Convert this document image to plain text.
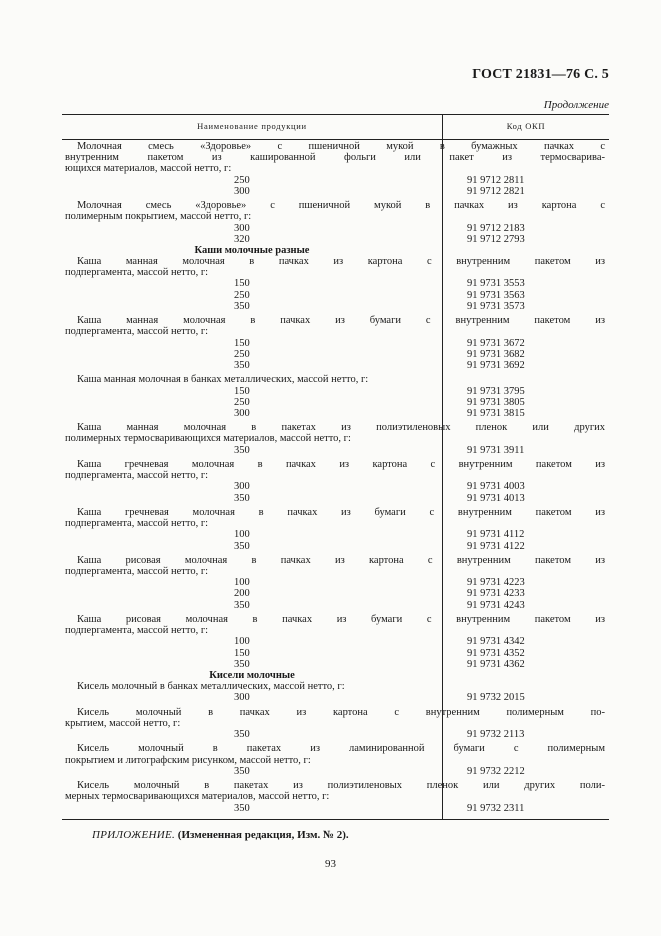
ГОСТ 21831—76 С. 5
Продолжение
Наименование продукции	Код ОКП
Молочная смесь «Здоровье» с пшеничной мукой в бумажных пачках с
внутренним пакетом из кашированной фольги или пакет из термосварива-
ющихся материалов, массой нетто, г:
250	91 9712 2811
300	91 9712 2821
Молочная смесь «Здоровье» с пшеничной мукой в пачках из картона с
полимерным покрытием, массой нетто, г:
300	91 9712 2183
320	91 9712 2793
Каши молочные разные
Каша манная молочная в пачках из картона с внутренним пакетом из
подпергамента, массой нетто, г:
150	91 9731 3553
250	91 9731 3563
350	91 9731 3573
Каша манная молочная в пачках из бумаги с внутренним пакетом из
подпергамента, массой нетто, г:
150	91 9731 3672
250	91 9731 3682
350	91 9731 3692
Каша манная молочная в банках металлических, массой нетто, г:
150	91 9731 3795
250	91 9731 3805
300	91 9731 3815
Каша манная молочная в пакетах из полиэтиленовых пленок или других
полимерных термосваривающихся материалов, массой нетто, г:
350	91 9731 3911
Каша гречневая молочная в пачках из картона с внутренним пакетом из
подпергамента, массой нетто, г:
300	91 9731 4003
350	91 9731 4013
Каша гречневая молочная в пачках из бумаги с внутренним пакетом из
подпергамента, массой нетто, г:
100	91 9731 4112
350	91 9731 4122
Каша рисовая молочная в пачках из картона с внутренним пакетом из
подпергамента, массой нетто, г:
100	91 9731 4223
200	91 9731 4233
350	91 9731 4243
Каша рисовая молочная в пачках из бумаги с внутренним пакетом из
подпергамента, массой нетто, г:
100	91 9731 4342
150	91 9731 4352
350	91 9731 4362
Кисели молочные
Кисель молочный в банках металлических, массой нетто, г:
300	91 9732 2015
Кисель молочный в пачках из картона с внутренним полимерным по-
крытием, массой нетто, г:
350	91 9732 2113
Кисель молочный в пакетах из ламинированной бумаги с полимерным
покрытием и литографским рисунком, массой нетто, г:
350	91 9732 2212
Кисель молочный в пакетах из полиэтиленовых пленок или других поли-
мерных термосваривающихся материалов, массой нетто, г:
350	91 9732 2311
ПРИЛОЖЕНИЕ. (Измененная редакция, Изм. № 2).
93
